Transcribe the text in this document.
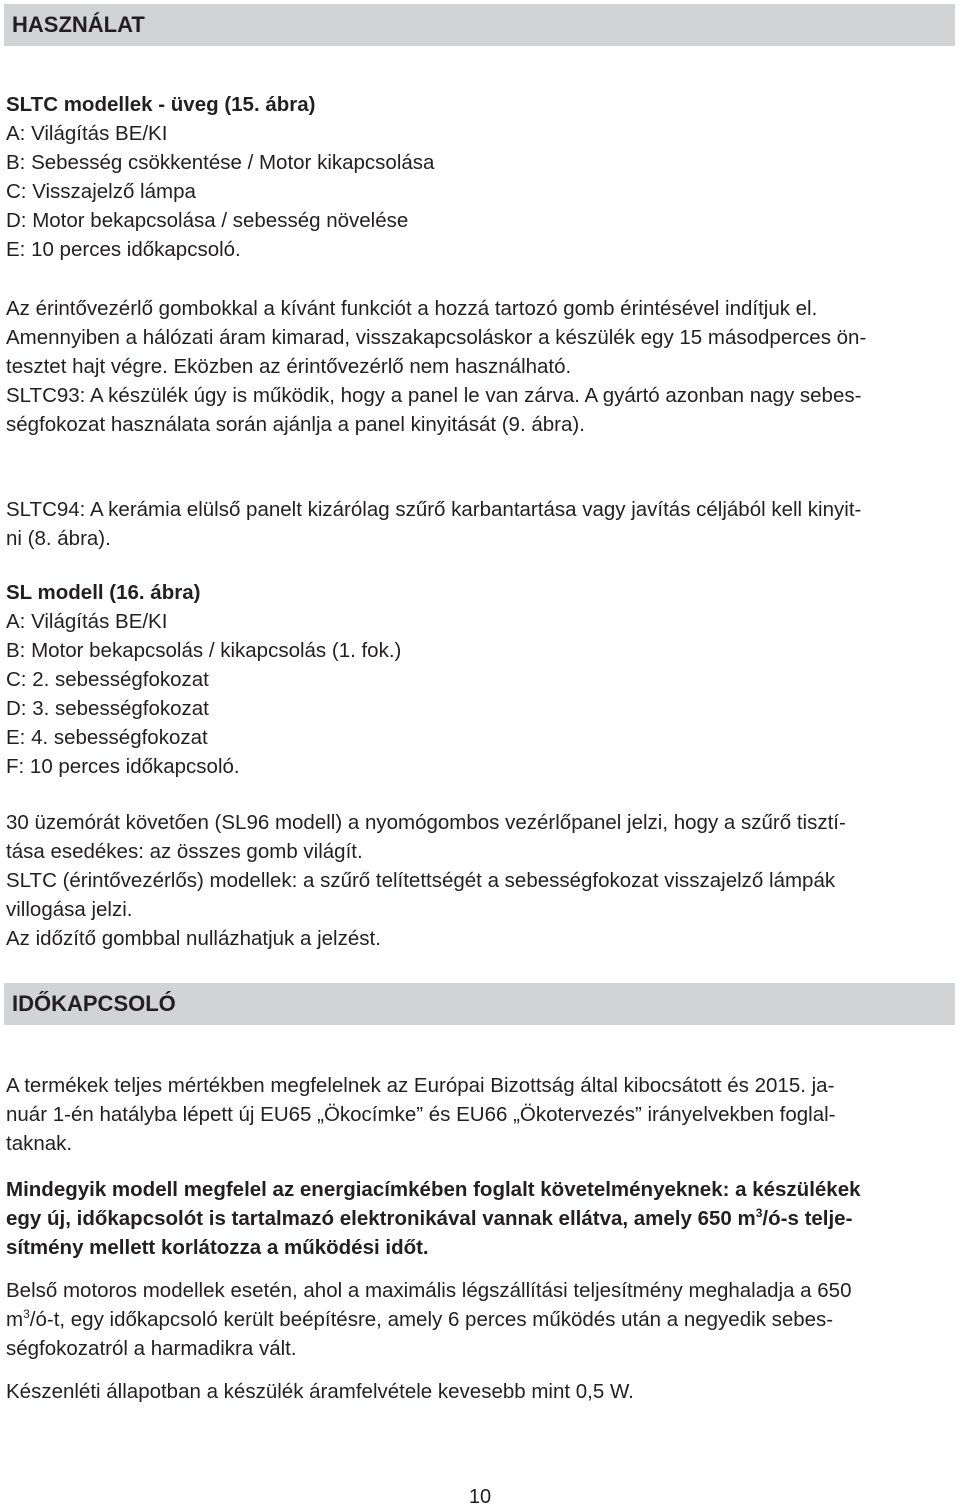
HASZNÁLAT
SLTC modellek - üveg (15. ábra)
A: Világítás BE/KI
B: Sebesség csökkentése / Motor kikapcsolása
C: Visszajelző lámpa
D: Motor bekapcsolása / sebesség növelése
E: 10 perces időkapcsoló.
Az érintővezérlő gombokkal a kívánt funkciót a hozzá tartozó gomb érintésével indítjuk el.
Amennyiben a hálózati áram kimarad, visszakapcsoláskor a készülék egy 15 másodperces ön-
tesztet hajt végre. Eközben az érintővezérlő nem használható.
SLTC93: A készülék úgy is működik, hogy a panel le van zárva. A gyártó azonban nagy sebes-
ségfokozat használata során ajánlja a panel kinyitását (9. ábra).
SLTC94: A kerámia elülső panelt kizárólag szűrő karbantartása vagy javítás céljából kell kinyit-
ni (8. ábra).
SL modell (16. ábra)
A: Világítás BE/KI
B: Motor bekapcsolás / kikapcsolás (1. fok.)
C: 2. sebességfokozat
D: 3. sebességfokozat
E: 4. sebességfokozat
F: 10 perces időkapcsoló.
30 üzemórát követően (SL96 modell) a nyomógombos vezérlőpanel jelzi, hogy a szűrő tisztí-
tása esedékes: az összes gomb világít.
SLTC (érintővezérlős) modellek: a szűrő telítettségét a sebességfokozat visszajelző lámpák
villogása jelzi.
Az időzítő gombbal nullázhatjuk a jelzést.
IDŐKAPCSOLÓ
A termékek teljes mértékben megfelelnek az Európai Bizottság által kibocsátott és 2015. ja-
nuár 1-én hatályba lépett új EU65 „Ökocímke” és EU66 „Ökotervezés” irányelvekben foglal-
taknak.
Mindegyik modell megfelel az energiacímkében foglalt követelményeknek: a készülékek
egy új, időkapcsolót is tartalmazó elektronikával vannak ellátva, amely 650 $m^3/ó-s$ telje-
sítmény mellett korlátozza a működési időt.
Belső motoros modellek esetén, ahol a maximális légszállítási teljesítmény meghaladja a 650
$m^3/ó-t$, egy időkapcsoló került beépítésre, amely 6 perces működés után a negyedik sebes-
ségfokozatról a harmadikra vált.
Készenléti állapotban a készülék áramfelvétele kevesebb mint 0,5 W.
10
